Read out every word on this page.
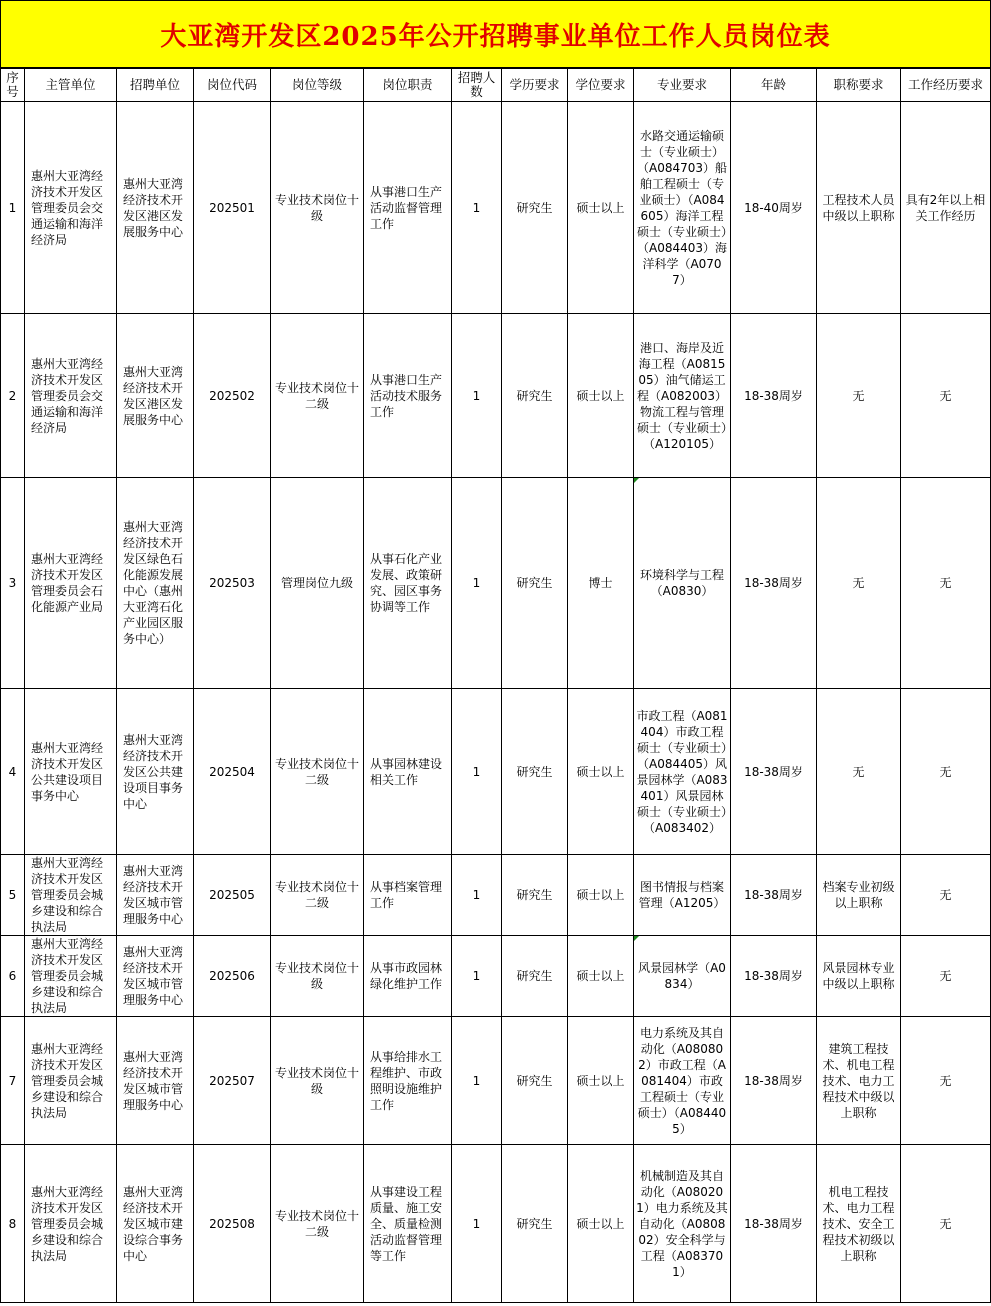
大亚湾开发区2025年公开招聘事业单位工作人员岗位表
序号	主管单位	招聘单位	岗位代码	岗位等级	岗位职责	招聘人数	学历要求	学位要求	专业要求	年龄	职称要求	工作经历要求
1	惠州大亚湾经济技术开发区管理委员会交通运输和海洋经济局	惠州大亚湾经济技术开发区港区发展服务中心	202501	专业技术岗位十级	从事港口生产活动监督管理工作	1	研究生	硕士以上	水路交通运输硕士（专业硕士）（A084703）船舶工程硕士（专业硕士）（A084605）海洋工程硕士（专业硕士）（A084403）海洋科学（A0707）	18-40周岁	工程技术人员中级以上职称	具有2年以上相关工作经历
2	惠州大亚湾经济技术开发区管理委员会交通运输和海洋经济局	惠州大亚湾经济技术开发区港区发展服务中心	202502	专业技术岗位十二级	从事港口生产活动技术服务工作	1	研究生	硕士以上	港口、海岸及近海工程（A081505）油气储运工程（A082003）物流工程与管理硕士（专业硕士）（A120105）	18-38周岁	无	无
3	惠州大亚湾经济技术开发区管理委员会石化能源产业局	惠州大亚湾经济技术开发区绿色石化能源发展中心（惠州大亚湾石化产业园区服务中心）	202503	管理岗位九级	从事石化产业发展、政策研究、园区事务协调等工作	1	研究生	博士	环境科学与工程（A0830）	18-38周岁	无	无
4	惠州大亚湾经济技术开发区公共建设项目事务中心	惠州大亚湾经济技术开发区公共建设项目事务中心	202504	专业技术岗位十二级	从事园林建设相关工作	1	研究生	硕士以上	市政工程（A081404）市政工程硕士（专业硕士）（A084405）风景园林学（A083401）风景园林硕士（专业硕士）（A083402）	18-38周岁	无	无
5	惠州大亚湾经济技术开发区管理委员会城乡建设和综合执法局	惠州大亚湾经济技术开发区城市管理服务中心	202505	专业技术岗位十二级	从事档案管理工作	1	研究生	硕士以上	图书情报与档案管理（A1205）	18-38周岁	档案专业初级以上职称	无
6	惠州大亚湾经济技术开发区管理委员会城乡建设和综合执法局	惠州大亚湾经济技术开发区城市管理服务中心	202506	专业技术岗位十级	从事市政园林绿化维护工作	1	研究生	硕士以上	风景园林学（A0834）	18-38周岁	风景园林专业中级以上职称	无
7	惠州大亚湾经济技术开发区管理委员会城乡建设和综合执法局	惠州大亚湾经济技术开发区城市管理服务中心	202507	专业技术岗位十级	从事给排水工程维护、市政照明设施维护工作	1	研究生	硕士以上	电力系统及其自动化（A080802）市政工程（A081404）市政工程硕士（专业硕士）（A084405）	18-38周岁	建筑工程技术、机电工程技术、电力工程技术中级以上职称	无
8	惠州大亚湾经济技术开发区管理委员会城乡建设和综合执法局	惠州大亚湾经济技术开发区城市建设综合事务中心	202508	专业技术岗位十二级	从事建设工程质量、施工安全、质量检测活动监督管理等工作	1	研究生	硕士以上	机械制造及其自动化（A080201）电力系统及其自动化（A080802）安全科学与工程（A083701）	18-38周岁	机电工程技术、电力工程技术、安全工程技术初级以上职称	无
